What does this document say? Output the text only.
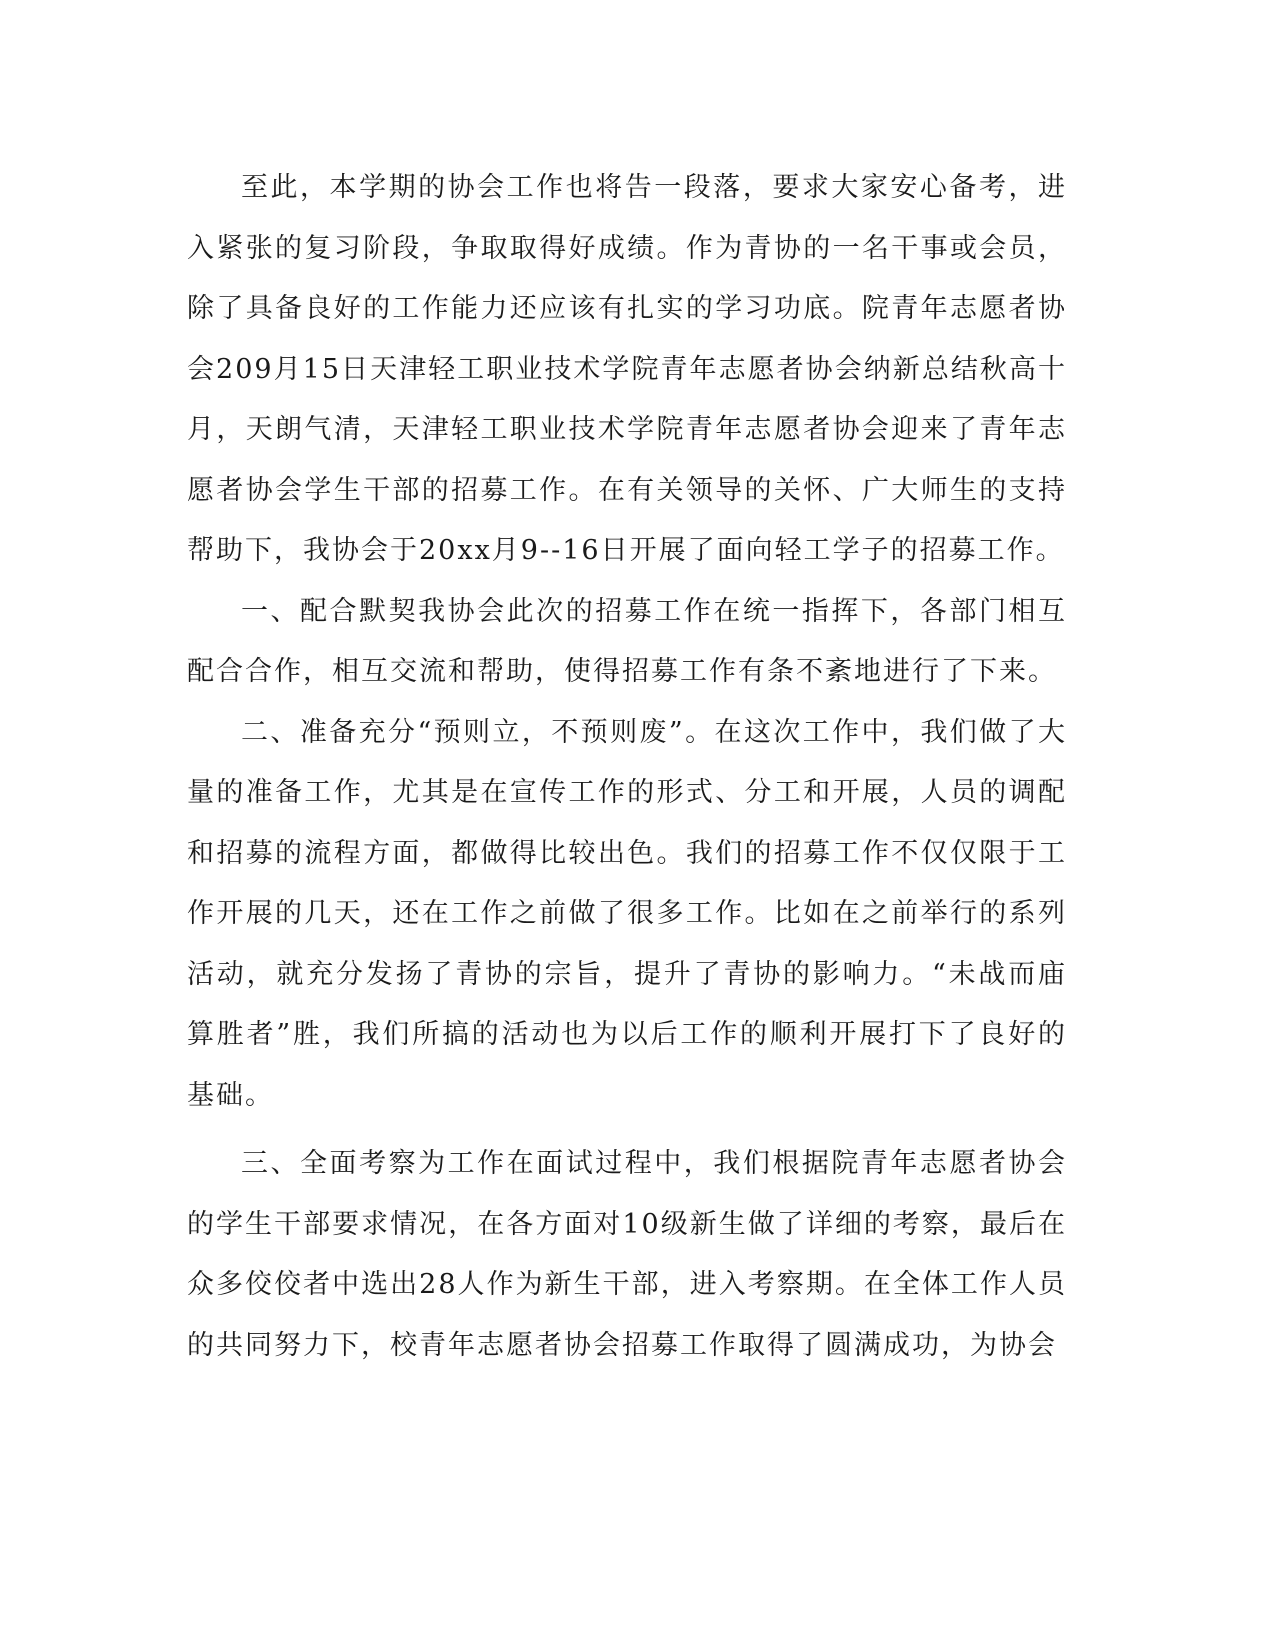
至此，本学期的协会工作也将告一段落，要求大家安心备考，进入紧张的复习阶段，争取取得好成绩。作为青协的一名干事或会员，除了具备良好的工作能力还应该有扎实的学习功底。院青年志愿者协会209月15日天津轻工职业技术学院青年志愿者协会纳新总结秋高十月，天朗气清，天津轻工职业技术学院青年志愿者协会迎来了青年志愿者协会学生干部的招募工作。在有关领导的关怀、广大师生的支持帮助下，我协会于20xx月9--16日开展了面向轻工学子的招募工作。

一、配合默契我协会此次的招募工作在统一指挥下，各部门相互配合合作，相互交流和帮助，使得招募工作有条不紊地进行了下来。

二、准备充分“预则立，不预则废”。在这次工作中，我们做了大量的准备工作，尤其是在宣传工作的形式、分工和开展，人员的调配和招募的流程方面，都做得比较出色。我们的招募工作不仅仅限于工作开展的几天，还在工作之前做了很多工作。比如在之前举行的系列活动，就充分发扬了青协的宗旨，提升了青协的影响力。“未战而庙算胜者”胜，我们所搞的活动也为以后工作的顺利开展打下了良好的基础。

三、全面考察为工作在面试过程中，我们根据院青年志愿者协会的学生干部要求情况，在各方面对10级新生做了详细的考察，最后在众多佼佼者中选出28人作为新生干部，进入考察期。在全体工作人员的共同努力下，校青年志愿者协会招募工作取得了圆满成功，为协会
